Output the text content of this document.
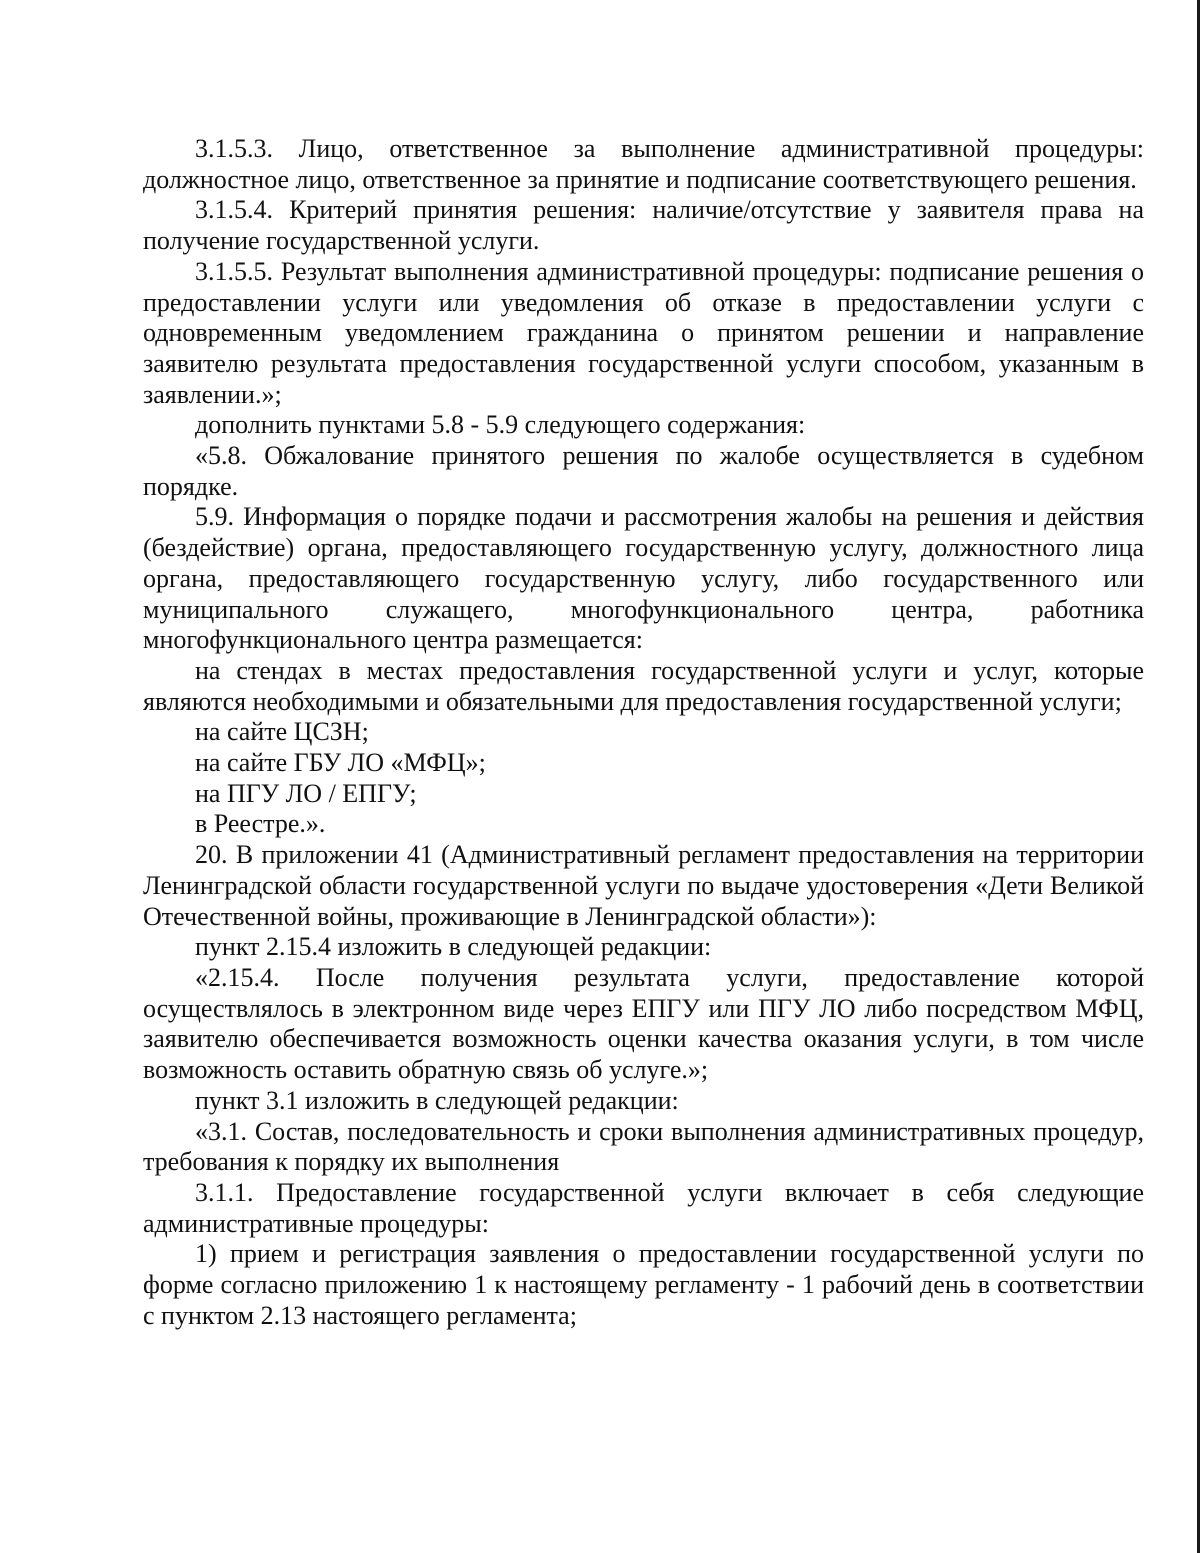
3.1.5.3. Лицо, ответственное за выполнение административной процедуры: должностное лицо, ответственное за принятие и подписание соответствующего решения.

3.1.5.4. Критерий принятия решения: наличие/отсутствие у заявителя права на получение государственной услуги.

3.1.5.5. Результат выполнения административной процедуры: подписание решения о предоставлении услуги или уведомления об отказе в предоставлении услуги с одновременным уведомлением гражданина о принятом решении и направление заявителю результата предоставления государственной услуги способом, указанным в заявлении.»;

дополнить пунктами 5.8 - 5.9 следующего содержания:

«5.8. Обжалование принятого решения по жалобе осуществляется в судебном порядке.

5.9. Информация о порядке подачи и рассмотрения жалобы на решения и действия (бездействие) органа, предоставляющего государственную услугу, должностного лица органа, предоставляющего государственную услугу, либо государственного или муниципального служащего, многофункционального центра, работника многофункционального центра размещается:

на стендах в местах предоставления государственной услуги и услуг, которые являются необходимыми и обязательными для предоставления государственной услуги;

на сайте ЦСЗН;

на сайте ГБУ ЛО «МФЦ»;

на ПГУ ЛО / ЕПГУ;

в Реестре.».

20. В приложении 41 (Административный регламент предоставления на территории Ленинградской области государственной услуги по выдаче удостоверения «Дети Великой Отечественной войны, проживающие в Ленинградской области»):

пункт 2.15.4 изложить в следующей редакции:

«2.15.4. После получения результата услуги, предоставление которой осуществлялось в электронном виде через ЕПГУ или ПГУ ЛО либо посредством МФЦ, заявителю обеспечивается возможность оценки качества оказания услуги, в том числе возможность оставить обратную связь об услуге.»;

пункт 3.1 изложить в следующей редакции:

«3.1. Состав, последовательность и сроки выполнения административных процедур, требования к порядку их выполнения

3.1.1. Предоставление государственной услуги включает в себя следующие административные процедуры:

1) прием и регистрация заявления о предоставлении государственной услуги по форме согласно приложению 1 к настоящему регламенту - 1 рабочий день в соответствии с пунктом 2.13 настоящего регламента;
